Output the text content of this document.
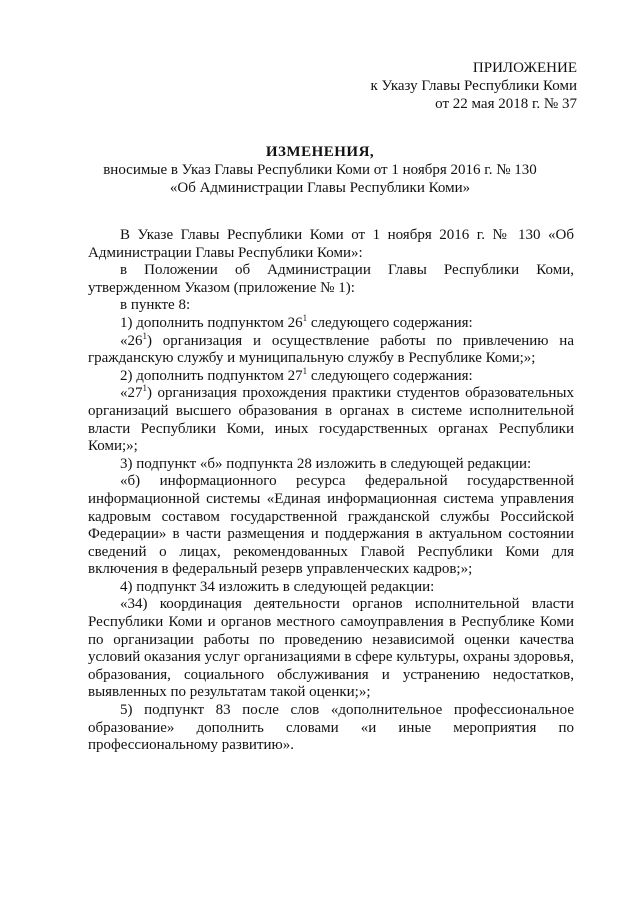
ПРИЛОЖЕНИЕ
к Указу Главы Республики Коми
от 22 мая 2018 г. № 37
ИЗМЕНЕНИЯ,
вносимые в Указ Главы Республики Коми от 1 ноября 2016 г. № 130
«Об Администрации Главы Республики Коми»

В Указе Главы Республики Коми от 1 ноября 2016 г. № 130 «Об Администрации Главы Республики Коми»:

в Положении об Администрации Главы Республики Коми, утвержденном Указом (приложение № 1):

в пункте 8:

1) дополнить подпунктом $26^1$ следующего содержания:

«$26^1$) организация и осуществление работы по привлечению на гражданскую службу и муниципальную службу в Республике Коми;»;

2) дополнить подпунктом $27^1$ следующего содержания:

«$27^1$) организация прохождения практики студентов образовательных организаций высшего образования в органах в системе исполнительной власти Республики Коми, иных государственных органах Республики Коми;»;

3) подпункт «б» подпункта 28 изложить в следующей редакции:

«б) информационного ресурса федеральной государственной информационной системы «Единая информационная система управления кадровым составом государственной гражданской службы Российской Федерации» в части размещения и поддержания в актуальном состоянии сведений о лицах, рекомендованных Главой Республики Коми для включения в федеральный резерв управленческих кадров;»;

4) подпункт 34 изложить в следующей редакции:

«34) координация деятельности органов исполнительной власти Республики Коми и органов местного самоуправления в Республике Коми по организации работы по проведению независимой оценки качества условий оказания услуг организациями в сфере культуры, охраны здоровья, образования, социального обслуживания и устранению недостатков, выявленных по результатам такой оценки;»;

5) подпункт 83 после слов «дополнительное профессиональное образование» дополнить словами «и иные мероприятия по профессиональному развитию».
